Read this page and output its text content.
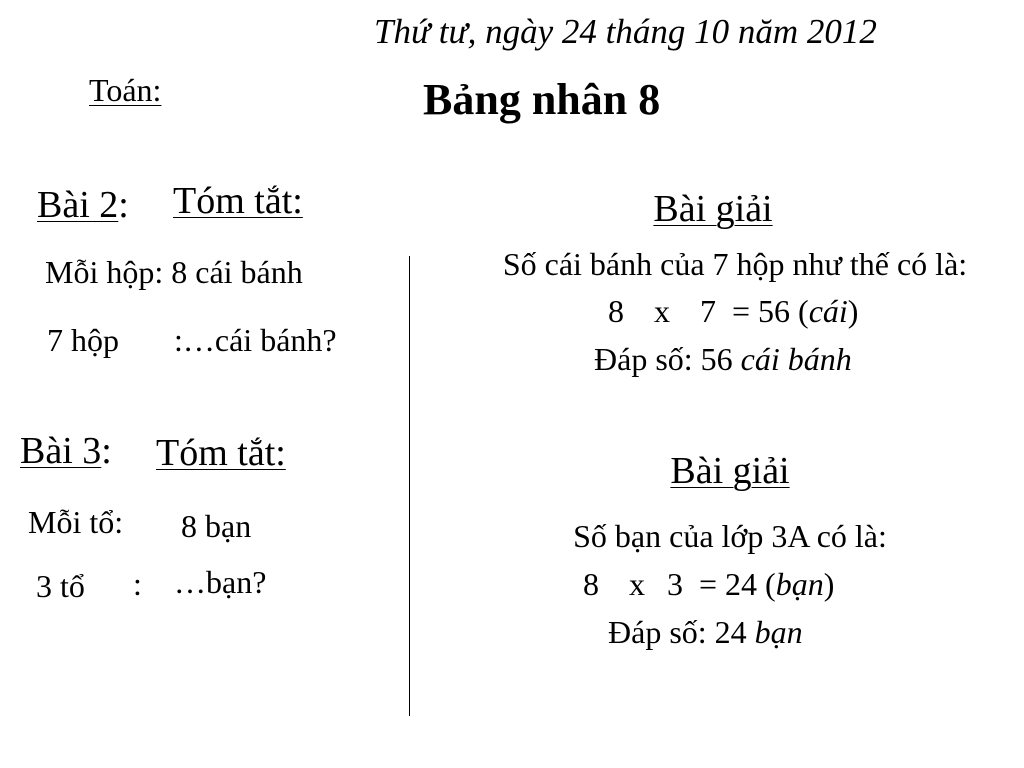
Thứ tư, ngày 24 tháng 10 năm 2012
Toán:	Bảng nhân 8
Bài 2: Tóm tắt:
Mỗi hộp: 8 cái bánh
7 hộp :…cái bánh?
Bài 3: Tóm tắt:
Mỗi tổ: 8 bạn
3 tổ : …bạn?
Bài giải
Số cái bánh của 7 hộp như thế có là:
8 x 7 = 56 (cái)
Đáp số: 56 cái bánh
Bài giải
Số bạn của lớp 3A có là:
8 x 3 = 24 (bạn)
Đáp số: 24 bạn
